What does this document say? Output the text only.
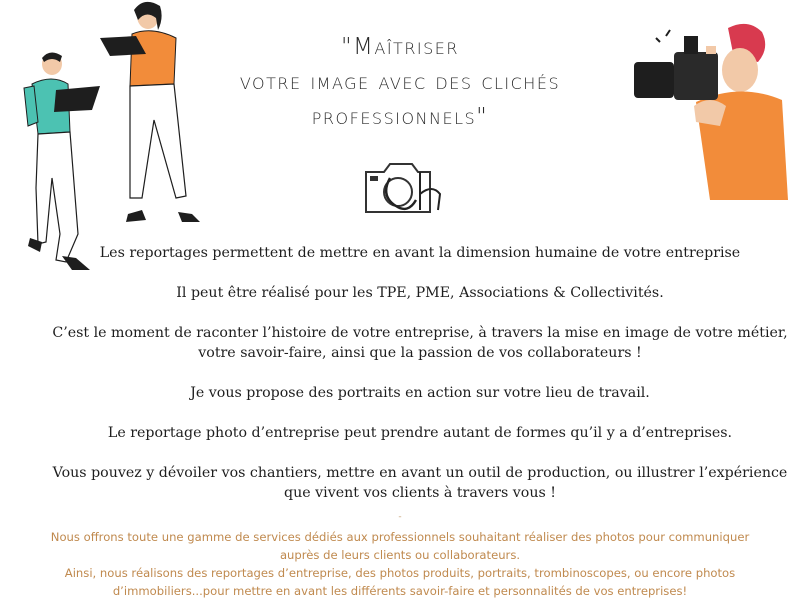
"Maîtriser
votre image avec des clichés
professionnels"

Les reportages permettent de mettre en avant la dimension humaine de votre entreprise

Il peut être réalisé pour les TPE, PME, Associations & Collectivités.

C’est le moment de raconter l’histoire de votre entreprise, à travers la mise en image de votre métier,

votre savoir-faire, ainsi que la passion de vos collaborateurs !

Je vous propose des portraits en action sur votre lieu de travail.

Le reportage photo d’entreprise peut prendre autant de formes qu’il y a d’entreprises.

Vous pouvez y dévoiler vos chantiers, mettre en avant un outil de production, ou illustrer l’expérience

que vivent vos clients à travers vous !

-

Nous offrons toute une gamme de services dédiés aux professionnels souhaitant réaliser des photos pour communiquer

auprès de leurs clients ou collaborateurs.

Ainsi, nous réalisons des reportages d’entreprise, des photos produits, portraits, trombinoscopes, ou encore photos

d’immobiliers...pour mettre en avant les différents savoir-faire et personnalités de vos entreprises!
